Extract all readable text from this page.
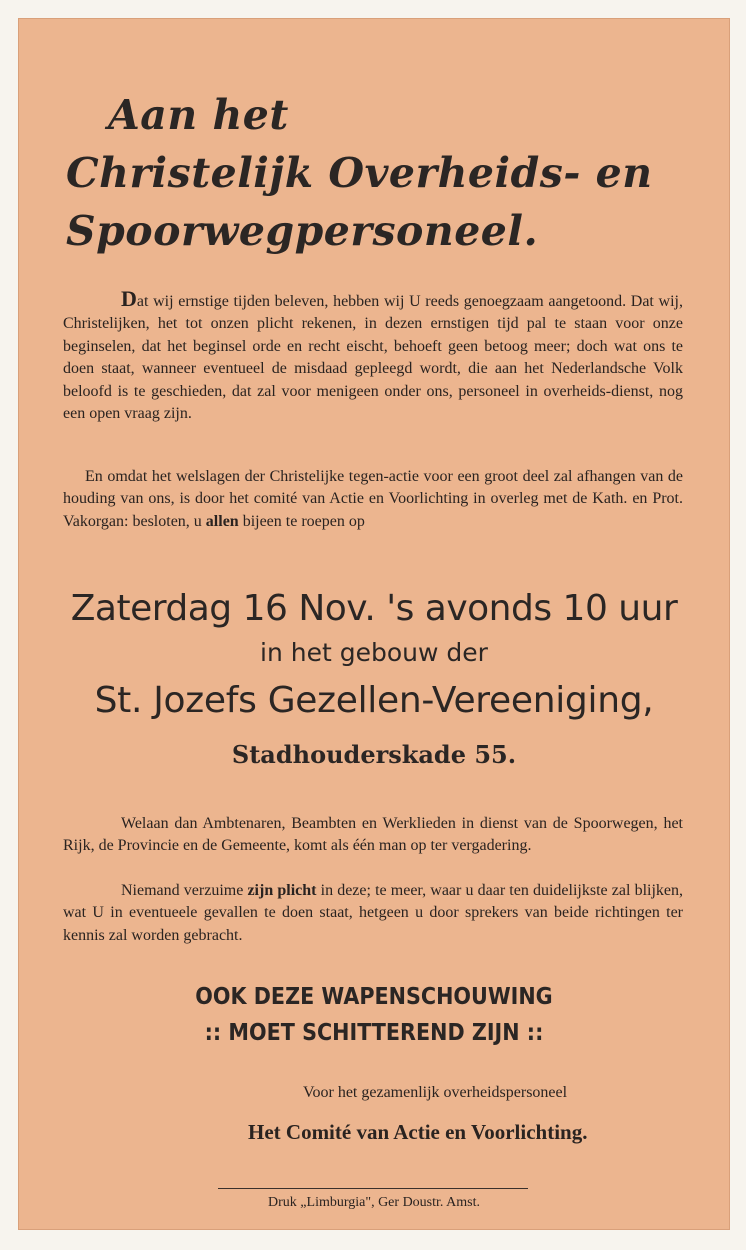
Aan het
Christelijk Overheids- en
Spoorwegpersoneel.
Dat wij ernstige tijden beleven, hebben wij U reeds genoegzaam aangetoond. Dat wij, Christelijken, het tot onzen plicht rekenen, in dezen ernstigen tijd pal te staan voor onze beginselen, dat het beginsel orde en recht eischt, behoeft geen betoog meer; doch wat ons te doen staat, wanneer eventueel de misdaad gepleegd wordt, die aan het Nederlandsche Volk beloofd is te geschieden, dat zal voor menigeen onder ons, personeel in overheids-dienst, nog een open vraag zijn.
En omdat het welslagen der Christelijke tegen-actie voor een groot deel zal afhangen van de houding van ons, is door het comité van Actie en Voorlichting in overleg met de Kath. en Prot. Vakorgan: besloten, u allen bijeen te roepen op
Zaterdag 16 Nov. 's avonds 10 uur
in het gebouw der
St. Jozefs Gezellen-Vereeniging,
Stadhouderskade 55.
Welaan dan Ambtenaren, Beambten en Werklieden in dienst van de Spoorwegen, het Rijk, de Provincie en de Gemeente, komt als één man op ter vergadering.
Niemand verzuime zijn plicht in deze; te meer, waar u daar ten duidelijkste zal blijken, wat U in eventueele gevallen te doen staat, hetgeen u door sprekers van beide richtingen ter kennis zal worden gebracht.
OOK DEZE WAPENSCHOUWING
:: MOET SCHITTEREND ZIJN ::
Voor het gezamenlijk overheidspersoneel
Het Comité van Actie en Voorlichting.
Druk „Limburgia", Ger Doustr. Amst.
